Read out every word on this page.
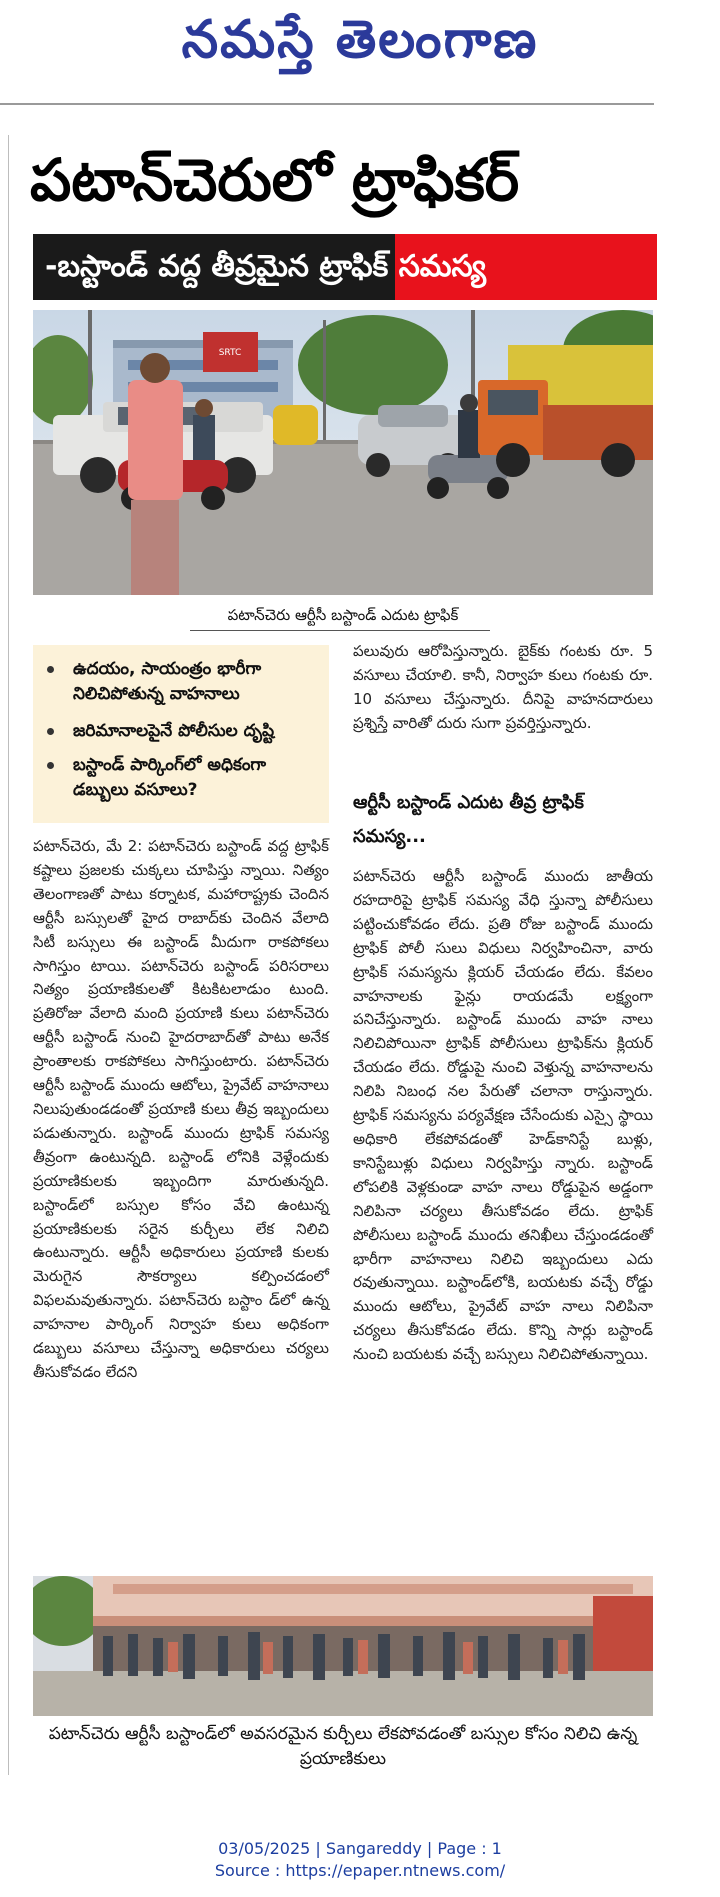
నమస్తే తెలంగాణ
పటాన్‌చెరులో ట్రాఫికర్
-బస్టాండ్ వద్ద తీవ్రమైన ట్రాఫిక్ సమస్య
SRTC
పటాన్‌చెరు ఆర్టీసీ బస్టాండ్ ఎదుట ట్రాఫిక్
ఉదయం, సాయంత్రం భారీగా నిలిచిపోతున్న వాహనాలు
జరిమానాలపైనే పోలీసుల దృష్టి
బస్టాండ్ పార్కింగ్‌లో అధికంగా డబ్బులు వసూలు?

పటాన్‌చెరు, మే 2: పటాన్‌చెరు బస్టాండ్ వద్ద ట్రాఫిక్ కష్టాలు ప్రజలకు చుక్కలు చూపిస్తు న్నాయి. నిత్యం తెలంగాణతో పాటు కర్నాటక, మహారాష్ట్రకు చెందిన ఆర్టీసీ బస్సులతో హైద రాబాద్‌కు చెందిన వేలాది సిటీ బస్సులు ఈ బస్టాండ్ మీదుగా రాకపోకలు సాగిస్తుం టాయి. పటాన్‌చెరు బస్టాండ్ పరిసరాలు నిత్యం ప్రయాణికులతో కిటకిటలాడుం టుంది. ప్రతిరోజు వేలాది మంది ప్రయాణి కులు పటాన్‌చెరు ఆర్టీసీ బస్టాండ్ నుంచి హైదరాబాద్‌తో పాటు అనేక ప్రాంతాలకు రాకపోకలు సాగిస్తుంటారు. పటాన్‌చెరు ఆర్టీసీ బస్టాండ్ ముందు ఆటోలు, ప్రైవేట్ వాహనాలు నిలుపుతుండడంతో ప్రయాణి కులు తీవ్ర ఇబ్బందులు పడుతున్నారు. బస్టాండ్ ముందు ట్రాఫిక్ సమస్య తీవ్రంగా ఉంటున్నది. బస్టాండ్ లోనికి వెళ్లేందుకు ప్రయాణికులకు ఇబ్బందిగా మారుతున్నది. బస్టాండ్‌లో బస్సుల కోసం వేచి ఉంటున్న ప్రయాణికులకు సరైన కుర్చీలు లేక నిలిచి ఉంటున్నారు. ఆర్టీసీ అధికారులు ప్రయాణి కులకు మెరుగైన సౌకర్యాలు కల్పించడంలో విఫలమవుతున్నారు. పటాన్‌చెరు బస్టాం డ్‌లో ఉన్న వాహనాల పార్కింగ్ నిర్వాహ కులు అధికంగా డబ్బులు వసూలు చేస్తున్నా అధికారులు చర్యలు తీసుకోవడం లేదని

పలువురు ఆరోపిస్తున్నారు. బైక్‌కు గంటకు రూ. 5 వసూలు చేయాలి. కానీ, నిర్వాహ కులు గంటకు రూ. 10 వసూలు చేస్తున్నారు. దీనిపై వాహనదారులు ప్రశ్నిస్తే వారితో దురు సుగా ప్రవర్తిస్తున్నారు.

ఆర్టీసీ బస్టాండ్ ఎదుట తీవ్ర ట్రాఫిక్ సమస్య...

పటాన్‌చెరు ఆర్టీసీ బస్టాండ్ ముందు జాతీయ రహదారిపై ట్రాఫిక్ సమస్య వేధి స్తున్నా పోలీసులు పట్టించుకోవడం లేదు. ప్రతి రోజు బస్టాండ్ ముందు ట్రాఫిక్ పోలీ సులు విధులు నిర్వహించినా, వారు ట్రాఫిక్ సమస్యను క్లియర్ చేయడం లేదు. కేవలం వాహనాలకు ఫైన్లు రాయడమే లక్ష్యంగా పనిచేస్తున్నారు. బస్టాండ్ ముందు వాహ నాలు నిలిచిపోయినా ట్రాఫిక్ పోలీసులు ట్రాఫిక్‌ను క్లియర్ చేయడం లేదు. రోడ్డుపై నుంచి వెళ్తున్న వాహనాలను నిలిపి నిబంధ నల పేరుతో చలానా రాస్తున్నారు. ట్రాఫిక్ సమస్యను పర్యవేక్షణ చేసేందుకు ఎస్సై స్థాయి అధికారి లేకపోవడంతో హెడ్‌కానిస్టే బుళ్లు, కానిస్టేబుళ్లు విధులు నిర్వహిస్తు న్నారు. బస్టాండ్ లోపలికి వెళ్లకుండా వాహ నాలు రోడ్డుపైన అడ్డంగా నిలిపినా చర్యలు తీసుకోవడం లేదు. ట్రాఫిక్ పోలీసులు బస్టాండ్ ముందు తనిఖీలు చేస్తుండడంతో భారీగా వాహనాలు నిలిచి ఇబ్బందులు ఎదు రవుతున్నాయి. బస్టాండ్‌లోకి, బయటకు వచ్చే రోడ్డు ముందు ఆటోలు, ప్రైవేట్ వాహ నాలు నిలిపినా చర్యలు తీసుకోవడం లేదు. కొన్ని సార్లు బస్టాండ్ నుంచి బయటకు వచ్చే బస్సులు నిలిచిపోతున్నాయి.

పటాన్‌చెరు ఆర్టీసీ బస్టాండ్‌లో అవసరమైన కుర్చీలు లేకపోవడంతో బస్సుల కోసం నిలిచి ఉన్న ప్రయాణికులు
03/05/2025 | Sangareddy | Page : 1
Source : https://epaper.ntnews.com/
